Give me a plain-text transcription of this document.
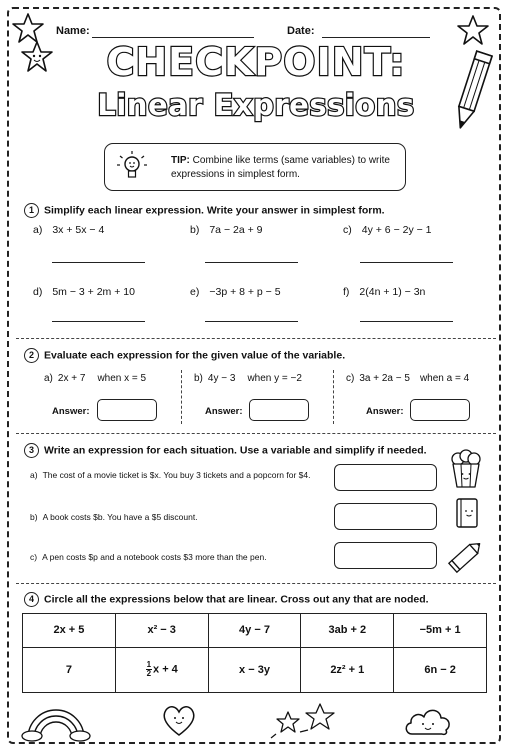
Name:	Date:
CHECKPOINT:
Linear Expressions
TIP: Combine like terms (same variables) to write expressions in simplest form.
1 Simplify each linear expression. Write your answer in simplest form.
a) 3x + 5x − 4	b) 7a − 2a + 9	c) 4y + 6 − 2y − 1
d) 5m − 3 + 2m + 10	e) −3p + 8 + p − 5	f) 2(4n + 1) − 3n
2 Evaluate each expression for the given value of the variable.
a) 2x + 7 when x = 5	b) 4y − 3 when y = −2	c) 3a + 2a − 5 when a = 4
Answer:	Answer:	Answer:
3 Write an expression for each situation. Use a variable and simplify if needed.
a) The cost of a movie ticket is $x. You buy 3 tickets and a popcorn for $4.
b) A book costs $b. You have a $5 discount.
c) A pen costs $p and a notebook costs $3 more than the pen.
4 Circle all the expressions below that are linear. Cross out any that are noded.
2x + 5	x² − 3	4y − 7	3ab + 2	−5m + 1
7	$\frac{1}{2}$ x + 4	x − 3y	2z² + 1	6n − 2
